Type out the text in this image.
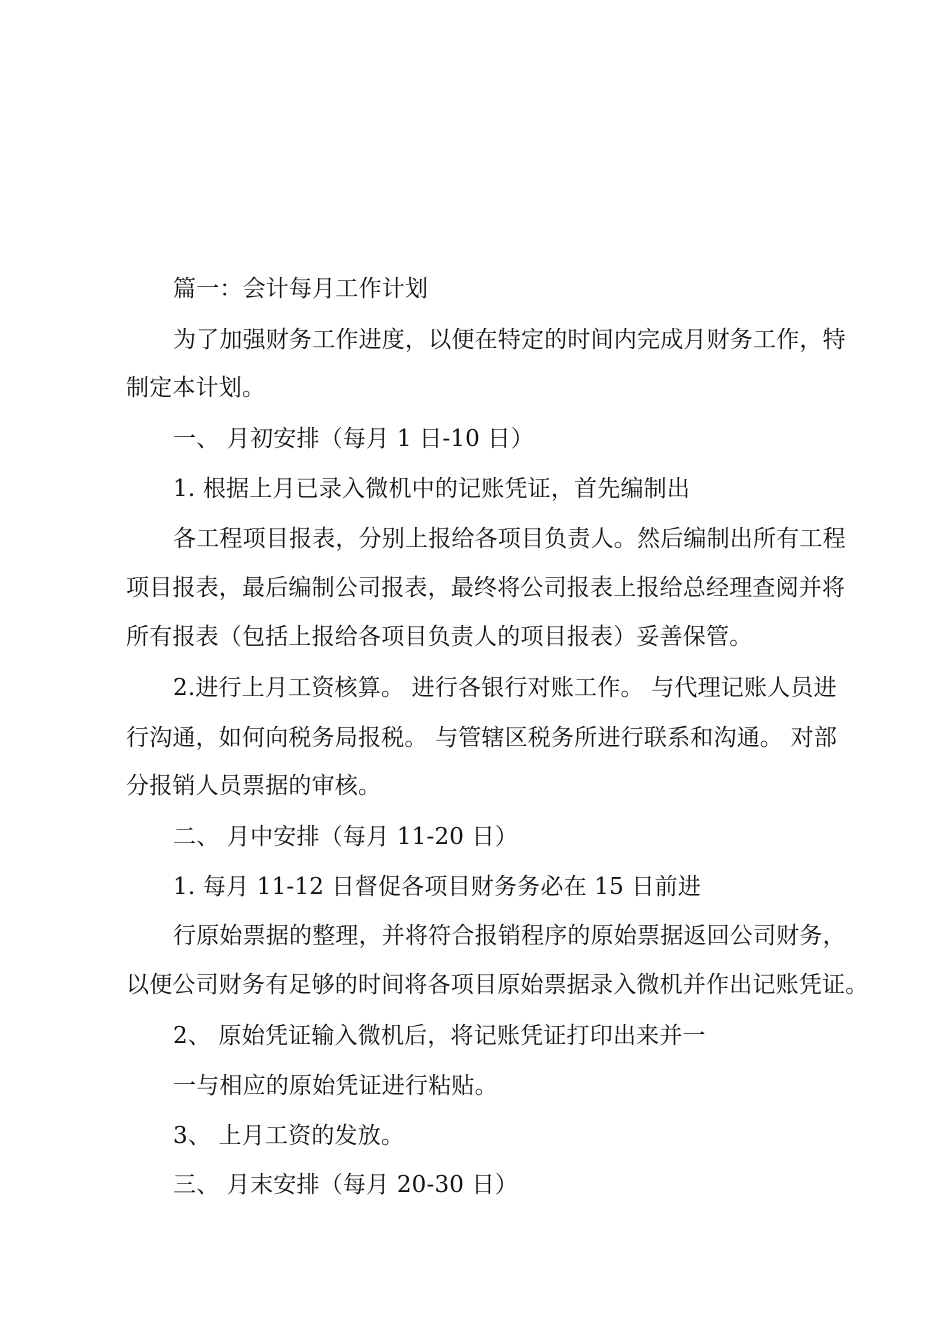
篇一：会计每月工作计划
为了加强财务工作进度，以便在特定的时间内完成月财务工作，特
制定本计划。
一、 月初安排（每月 1 日-10 日）
1. 根据上月已录入微机中的记账凭证，首先编制出
各工程项目报表，分别上报给各项目负责人。然后编制出所有工程
项目报表，最后编制公司报表，最终将公司报表上报给总经理查阅并将
所有报表（包括上报给各项目负责人的项目报表）妥善保管。
2.进行上月工资核算。 进行各银行对账工作。 与代理记账人员进
行沟通，如何向税务局报税。 与管辖区税务所进行联系和沟通。 对部
分报销人员票据的审核。
二、 月中安排（每月 11-20 日）
1. 每月 11-12 日督促各项目财务务必在 15 日前进
行原始票据的整理，并将符合报销程序的原始票据返回公司财务，
以便公司财务有足够的时间将各项目原始票据录入微机并作出记账凭证。
2、 原始凭证输入微机后，将记账凭证打印出来并一
一与相应的原始凭证进行粘贴。
3、 上月工资的发放。
三、 月末安排（每月 20-30 日）
